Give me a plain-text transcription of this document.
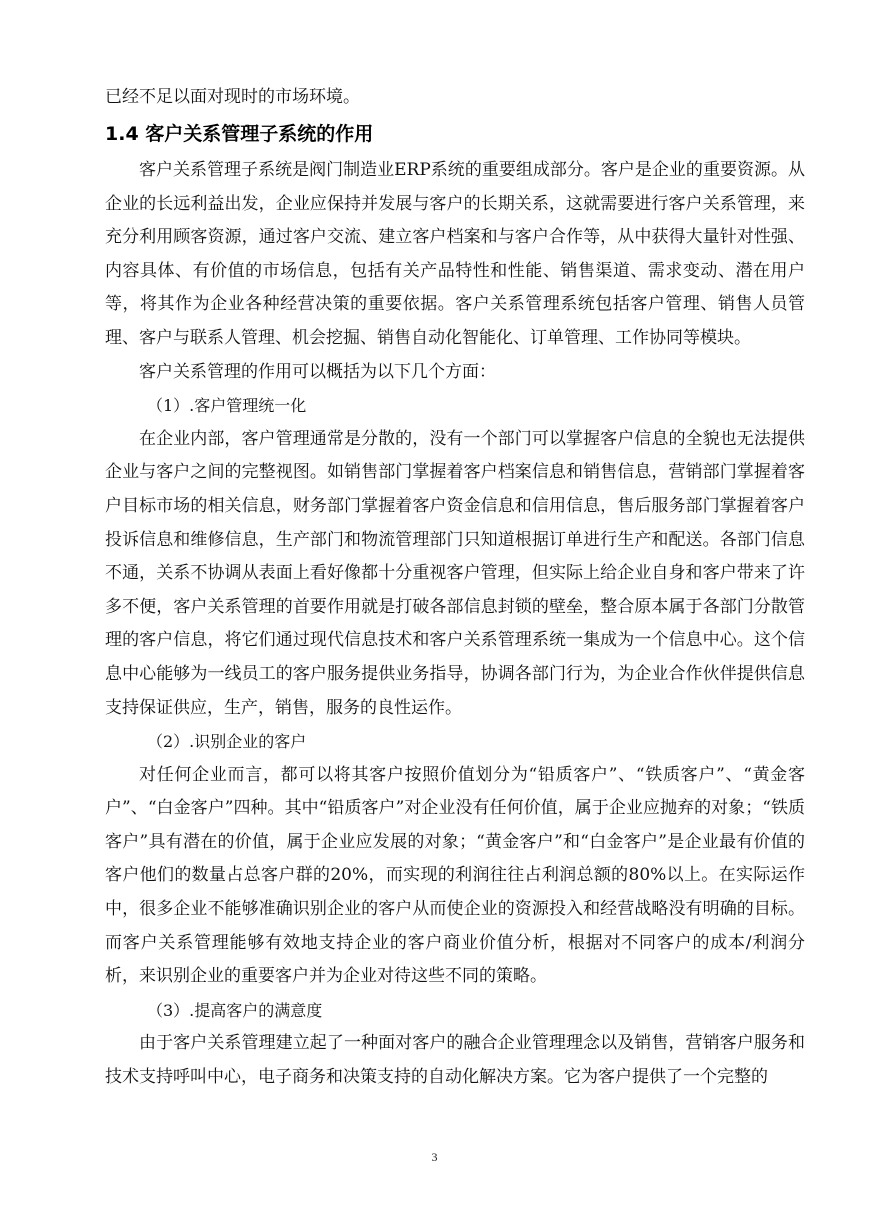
已经不足以面对现时的市场环境。

1.4 客户关系管理子系统的作用

客户关系管理子系统是阀门制造业ERP系统的重要组成部分。客户是企业的重要资源。从企业的长远利益出发，企业应保持并发展与客户的长期关系，这就需要进行客户关系管理，来充分利用顾客资源，通过客户交流、建立客户档案和与客户合作等，从中获得大量针对性强、内容具体、有价值的市场信息，包括有关产品特性和性能、销售渠道、需求变动、潜在用户等，将其作为企业各种经营决策的重要依据。客户关系管理系统包括客户管理、销售人员管理、客户与联系人管理、机会挖掘、销售自动化智能化、订单管理、工作协同等模块。

客户关系管理的作用可以概括为以下几个方面：

（1）.客户管理统一化

在企业内部，客户管理通常是分散的，没有一个部门可以掌握客户信息的全貌也无法提供企业与客户之间的完整视图。如销售部门掌握着客户档案信息和销售信息，营销部门掌握着客户目标市场的相关信息，财务部门掌握着客户资金信息和信用信息，售后服务部门掌握着客户投诉信息和维修信息，生产部门和物流管理部门只知道根据订单进行生产和配送。各部门信息不通，关系不协调从表面上看好像都十分重视客户管理，但实际上给企业自身和客户带来了许多不便，客户关系管理的首要作用就是打破各部信息封锁的壁垒，整合原本属于各部门分散管理的客户信息，将它们通过现代信息技术和客户关系管理系统一集成为一个信息中心。这个信息中心能够为一线员工的客户服务提供业务指导，协调各部门行为，为企业合作伙伴提供信息支持保证供应，生产，销售，服务的良性运作。

（2）.识别企业的客户

对任何企业而言，都可以将其客户按照价值划分为“铅质客户”、“铁质客户”、“黄金客户”、“白金客户”四种。其中“铅质客户”对企业没有任何价值，属于企业应抛弃的对象；“铁质客户”具有潜在的价值，属于企业应发展的对象；“黄金客户”和“白金客户”是企业最有价值的客户他们的数量占总客户群的20%，而实现的利润往往占利润总额的80%以上。在实际运作中，很多企业不能够准确识别企业的客户从而使企业的资源投入和经营战略没有明确的目标。而客户关系管理能够有效地支持企业的客户商业价值分析，根据对不同客户的成本/利润分析，来识别企业的重要客户并为企业对待这些不同的策略。

（3）.提高客户的满意度

由于客户关系管理建立起了一种面对客户的融合企业管理理念以及销售，营销客户服务和技术支持呼叫中心，电子商务和决策支持的自动化解决方案。它为客户提供了一个完整的

3
